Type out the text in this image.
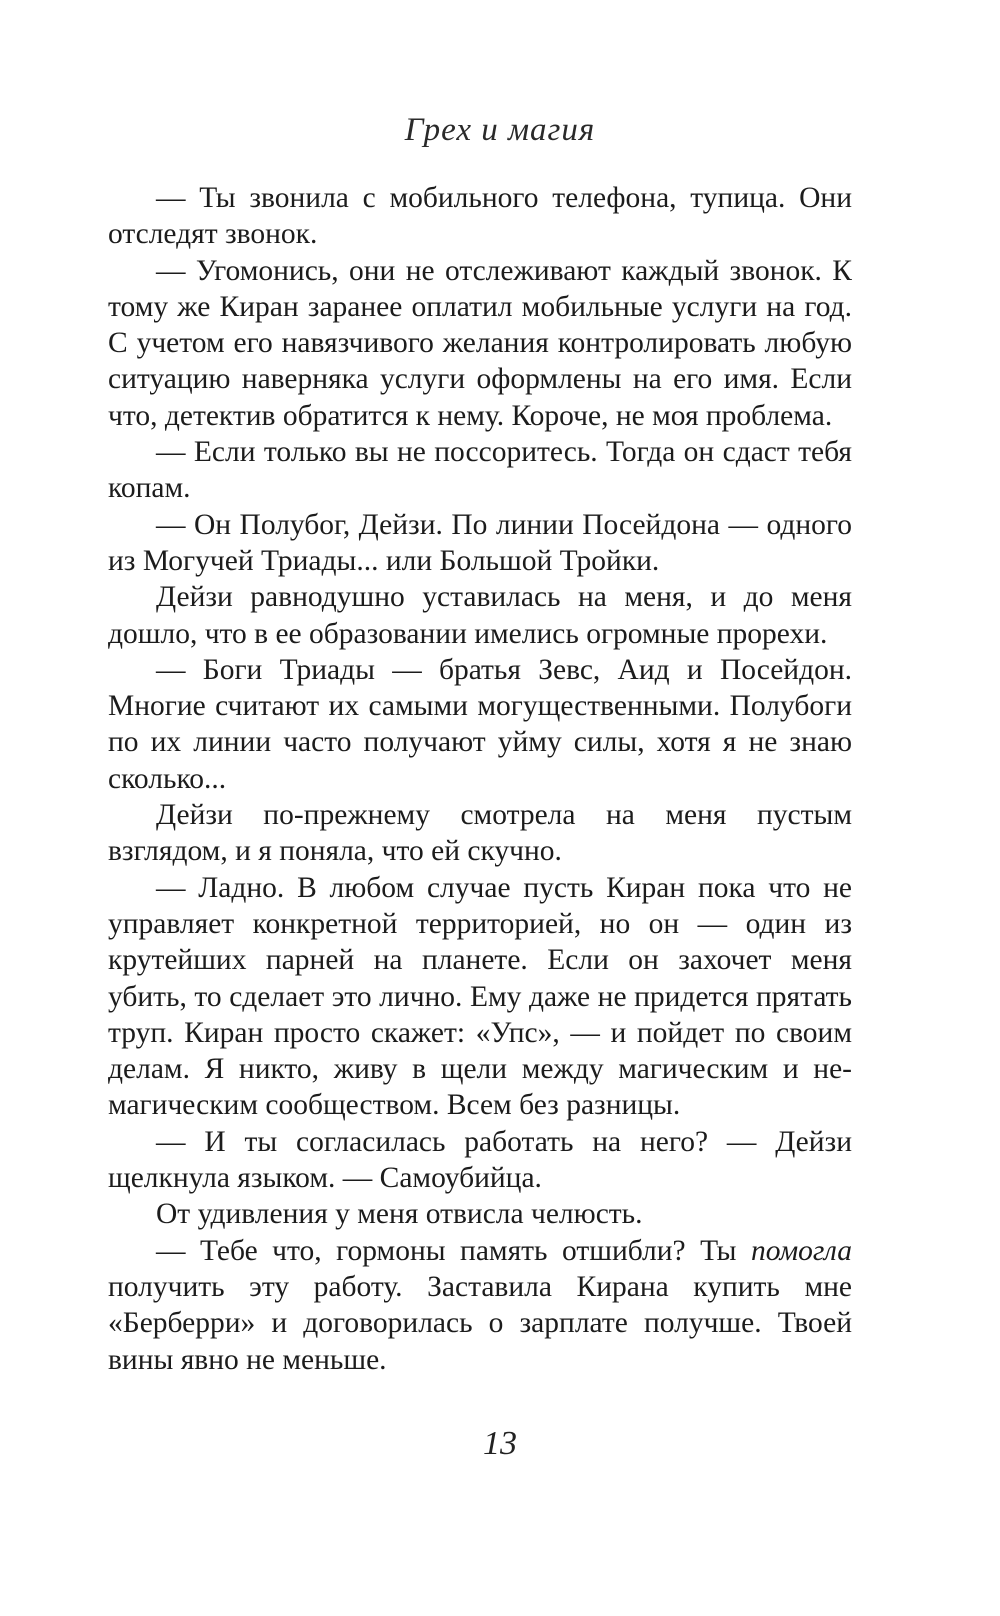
Грех и магия

— Ты звонила с мобильного телефона, тупица. Они отследят звонок.

— Угомонись, они не отслеживают каждый звонок. К тому же Киран заранее оплатил мобильные услуги на год. С учетом его навязчивого желания контролировать любую ситуацию наверняка услуги оформлены на его имя. Если что, детектив обратится к нему. Короче, не моя проблема.

— Если только вы не поссоритесь. Тогда он сдаст тебя копам.

— Он Полубог, Дейзи. По линии Посейдона — одного из Могучей Триады... или Большой Тройки.

Дейзи равнодушно уставилась на меня, и до меня дошло, что в ее образовании имелись огромные прорехи.

— Боги Триады — братья Зевс, Аид и Посейдон. Многие считают их самыми могущественными. Полубоги по их линии часто получают уйму силы, хотя я не знаю сколько...

Дейзи по-прежнему смотрела на меня пустым взглядом, и я поняла, что ей скучно.

— Ладно. В любом случае пусть Киран пока что не управляет конкретной территорией, но он — один из крутейших парней на планете. Если он захочет меня убить, то сделает это лично. Ему даже не придется прятать труп. Киран просто скажет: «Упс», — и пойдет по своим делам. Я никто, живу в щели между магическим и не-магическим сообществом. Всем без разницы.

— И ты согласилась работать на него? — Дейзи щелкнула языком. — Самоубийца.

От удивления у меня отвисла челюсть.

— Тебе что, гормоны память отшибли? Ты помогла получить эту работу. Заставила Кирана купить мне «Берберри» и договорилась о зарплате получше. Твоей вины явно не меньше.

13
